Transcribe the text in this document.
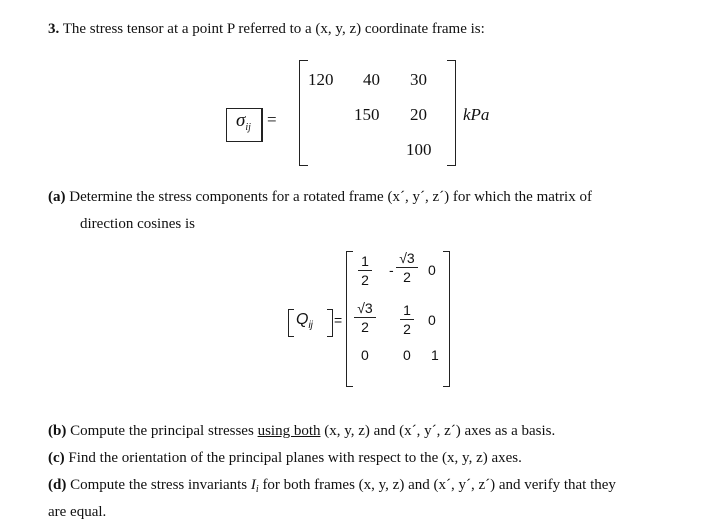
3. The stress tensor at a point P referred to a (x, y, z) coordinate frame is:
$\sigma_{ij}$ =
120 40 30
150 20
100
kPa
(a) Determine the stress components for a rotated frame (x´, y´, z´) for which the matrix of
direction cosines is
$Q_{ij}$ =
1
2
-
√3
2	0
√3
2
1
2
0
0 0 1
(b) Compute the principal stresses using both (x, y, z) and (x´, y´, z´) axes as a basis.
(c) Find the orientation of the principal planes with respect to the (x, y, z) axes.
(d) Compute the stress invariants $I_i$ for both frames (x, y, z) and (x´, y´, z´) and verify that they
are equal.
